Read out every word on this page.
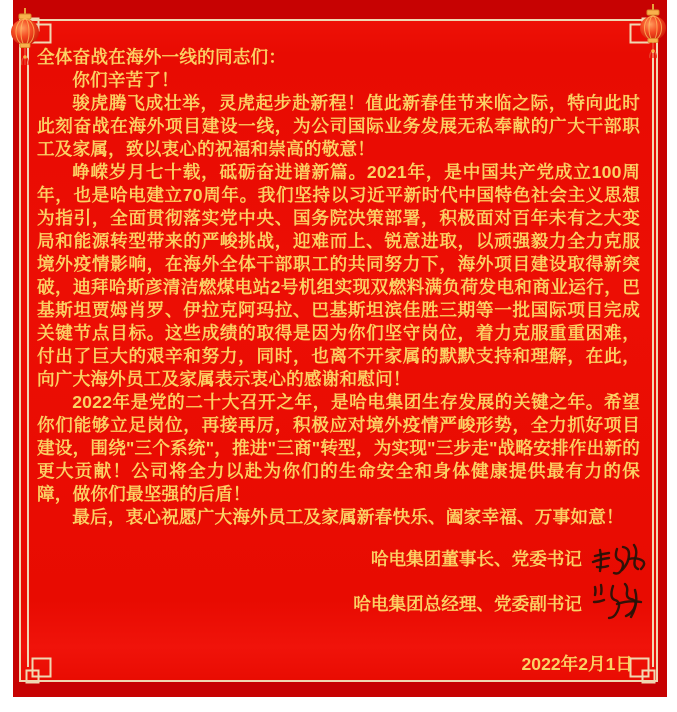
全体奋战在海外一线的同志们：

你们辛苦了！

骏虎腾飞成壮举，灵虎起步赴新程！值此新春佳节来临之际，特向此时此刻奋战在海外项目建设一线，为公司国际业务发展无私奉献的广大干部职工及家属，致以衷心的祝福和崇高的敬意！

峥嵘岁月七十载，砥砺奋进谱新篇。2021年，是中国共产党成立100周年，也是哈电建立70周年。我们坚持以习近平新时代中国特色社会主义思想为指引，全面贯彻落实党中央、国务院决策部署，积极面对百年未有之大变局和能源转型带来的严峻挑战，迎难而上、锐意进取，以顽强毅力全力克服境外疫情影响，在海外全体干部职工的共同努力下，海外项目建设取得新突破，迪拜哈斯彦清洁燃煤电站2号机组实现双燃料满负荷发电和商业运行，巴基斯坦贾姆肖罗、伊拉克阿玛拉、巴基斯坦滨佳胜三期等一批国际项目完成关键节点目标。这些成绩的取得是因为你们坚守岗位，着力克服重重困难，付出了巨大的艰辛和努力，同时，也离不开家属的默默支持和理解，在此，向广大海外员工及家属表示衷心的感谢和慰问！

2022年是党的二十大召开之年，是哈电集团生存发展的关键之年。希望你们能够立足岗位，再接再厉，积极应对境外疫情严峻形势，全力抓好项目建设，围绕"三个系统"，推进"三商"转型，为实现"三步走"战略安排作出新的更大贡献！公司将全力以赴为你们的生命安全和身体健康提供最有力的保障，做你们最坚强的后盾！

最后，衷心祝愿广大海外员工及家属新春快乐、阖家幸福、万事如意！

哈电集团董事长、党委书记
哈电集团总经理、党委副书记
2022年2月1日
